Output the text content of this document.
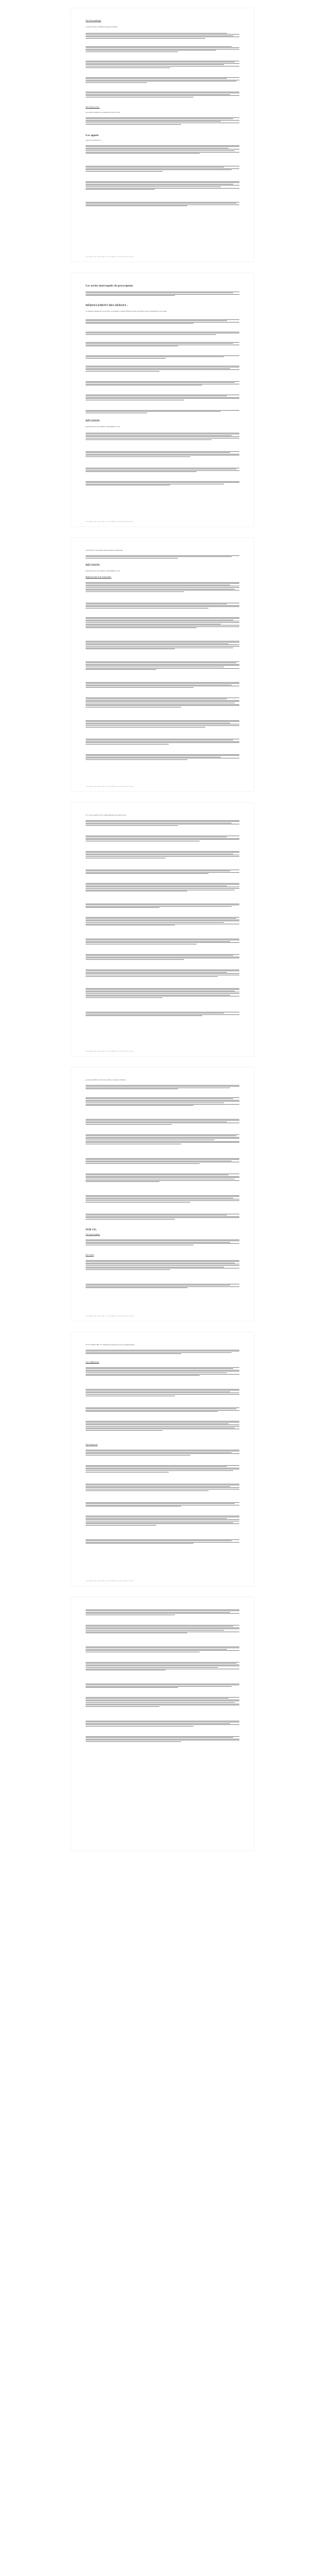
Sur l'action publique
a rejeté la mesure de défense invoquée en défense,
Sur l'action civile :
reçu Aidara AGIER en sa constitution de partie civile,
Les appels
Appel a été interjeté par :
Cour d'Appel de Paris - pôle 2 chambre 7 - n° RG 19/06806 - arrêt rendu le 10 juin 2021 - Page 2
Les arrêts interruptifs de prescription
DÉROULEMENT DES DÉBATS :
À l'audience publique du 16 avril 2021, le président a constaté l'absence du mis en prévenu, qui s'est représenté par son conseil.
DÉCISION
Rendant arrêt en avoir délibéré conformément à la loi,
Cour d'Appel de Paris - pôle 2 chambre 7 - n° RG 19/06806 - arrêt rendu le 10 juin 2021 - Page 3
Lundi ALIOT a été débouté d'une demande de publication.
DÉCISION
Rendant arrêt en avoir délibéré conformément à la loi,
Rappel des faits et de la procédure
Cour d'Appel de Paris - pôle 2 chambre 7 - n° RG 19/06806 - arrêt rendu le 10 juin 2021 - Page 4
Il y a. Pour soutenir l'avis le griffon pénaliste de la partie civile...
Cour d'Appel de Paris - pôle 2 chambre 7 - n° RG 19/06806 - arrêt rendu le 10 juin 2021 - Page 5
par Aidara SORAU, fait devant trouble ces sujets de circulaire...
SUR CE,
Sur la prescription,
Sur le fond
Cour d'Appel de Paris - pôle 2 chambre 7 - n° RG 19/06806 - arrêt rendu le 10 juin 2021 - Page 6
les sic 29 juillet 1881. Ils considèrent en pratique que de ces quelques lignes...
Sur la diffamation
Sur la bonne foi
Cour d'Appel de Paris - pôle 2 chambre 7 - n° RG 19/06806 - arrêt rendu le 10 juin 2021 - Page 7
